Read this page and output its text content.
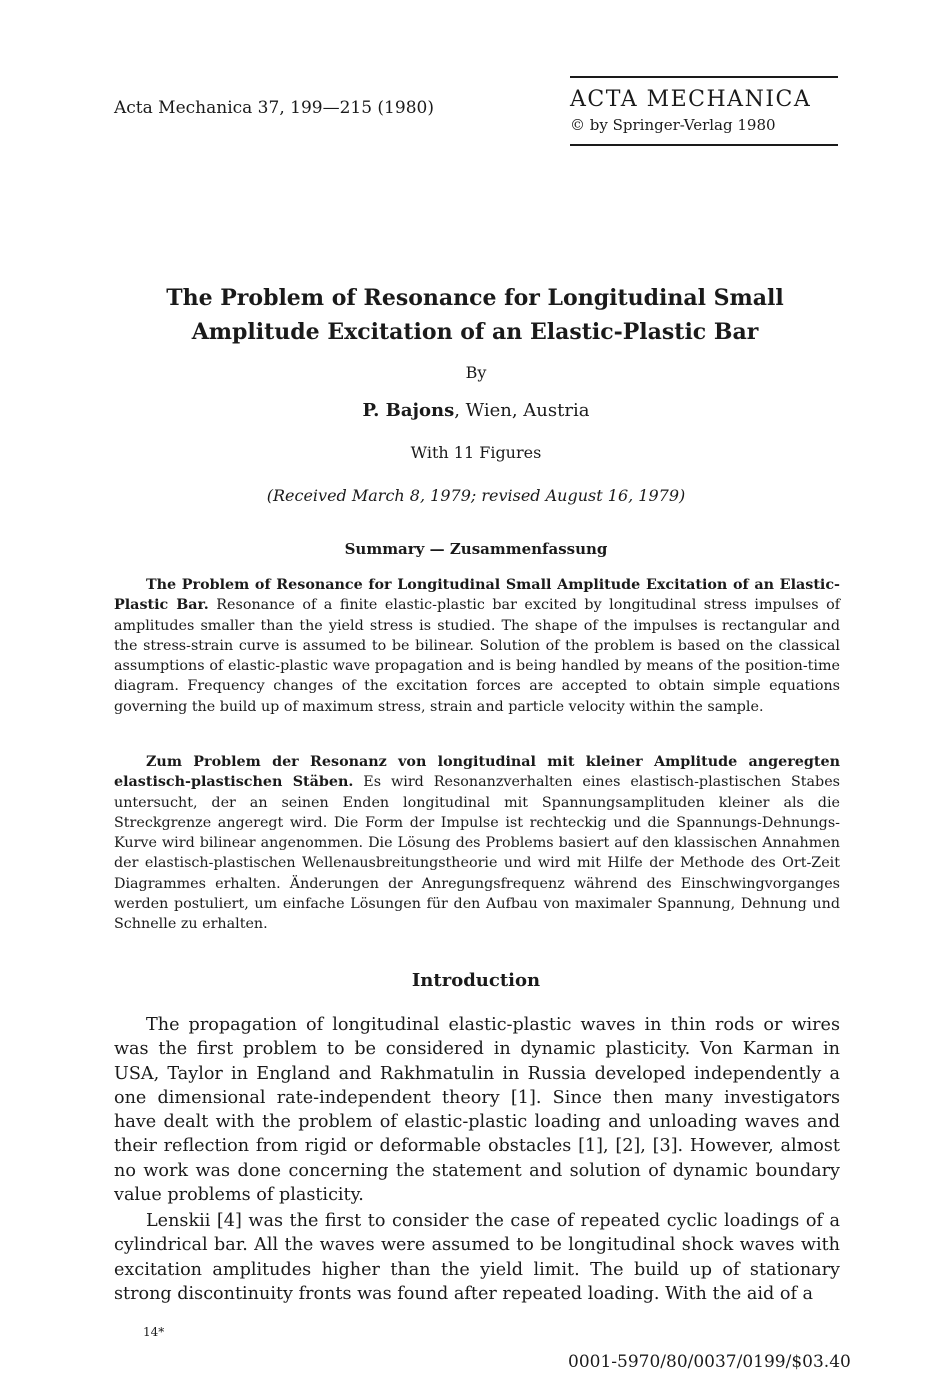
Acta Mechanica 37, 199—215 (1980)	ACTA MECHANICA
© by Springer-Verlag 1980
The Problem of Resonance for Longitudinal Small
Amplitude Excitation of an Elastic-Plastic Bar
By
P. Bajons, Wien, Austria
With 11 Figures
(Received March 8, 1979; revised August 16, 1979)
Summary — Zusammenfassung

The Problem of Resonance for Longitudinal Small Amplitude Excitation of an Elastic-Plastic Bar. Resonance of a finite elastic-plastic bar excited by longitudinal stress impulses of amplitudes smaller than the yield stress is studied. The shape of the impulses is rectangular and the stress-strain curve is assumed to be bilinear. Solution of the problem is based on the classical assumptions of elastic-plastic wave propagation and is being handled by means of the position-time diagram. Frequency changes of the excitation forces are accepted to obtain simple equations governing the build up of maximum stress, strain and particle velocity within the sample.

Zum Problem der Resonanz von longitudinal mit kleiner Amplitude angeregten elastisch-plastischen Stäben. Es wird Resonanzverhalten eines elastisch-plastischen Stabes untersucht, der an seinen Enden longitudinal mit Spannungsamplituden kleiner als die Streckgrenze angeregt wird. Die Form der Impulse ist rechteckig und die Spannungs-Dehnungs-Kurve wird bilinear angenommen. Die Lösung des Problems basiert auf den klassischen Annahmen der elastisch-plastischen Wellenausbreitungstheorie und wird mit Hilfe der Methode des Ort-Zeit Diagrammes erhalten. Änderungen der Anregungsfrequenz während des Einschwingvorganges werden postuliert, um einfache Lösungen für den Aufbau von maximaler Spannung, Dehnung und Schnelle zu erhalten.

Introduction

The propagation of longitudinal elastic-plastic waves in thin rods or wires was the first problem to be considered in dynamic plasticity. Von Karman in USA, Taylor in England and Rakhmatulin in Russia developed independently a one dimensional rate-independent theory [1]. Since then many investigators have dealt with the problem of elastic-plastic loading and unloading waves and their reflection from rigid or deformable obstacles [1], [2], [3]. However, almost no work was done concerning the statement and solution of dynamic boundary value problems of plasticity.

Lenskii [4] was the first to consider the case of repeated cyclic loadings of a cylindrical bar. All the waves were assumed to be longitudinal shock waves with excitation amplitudes higher than the yield limit. The build up of stationary strong discontinuity fronts was found after repeated loading. With the aid of a

14*
0001-5970/80/0037/0199/$03.40
